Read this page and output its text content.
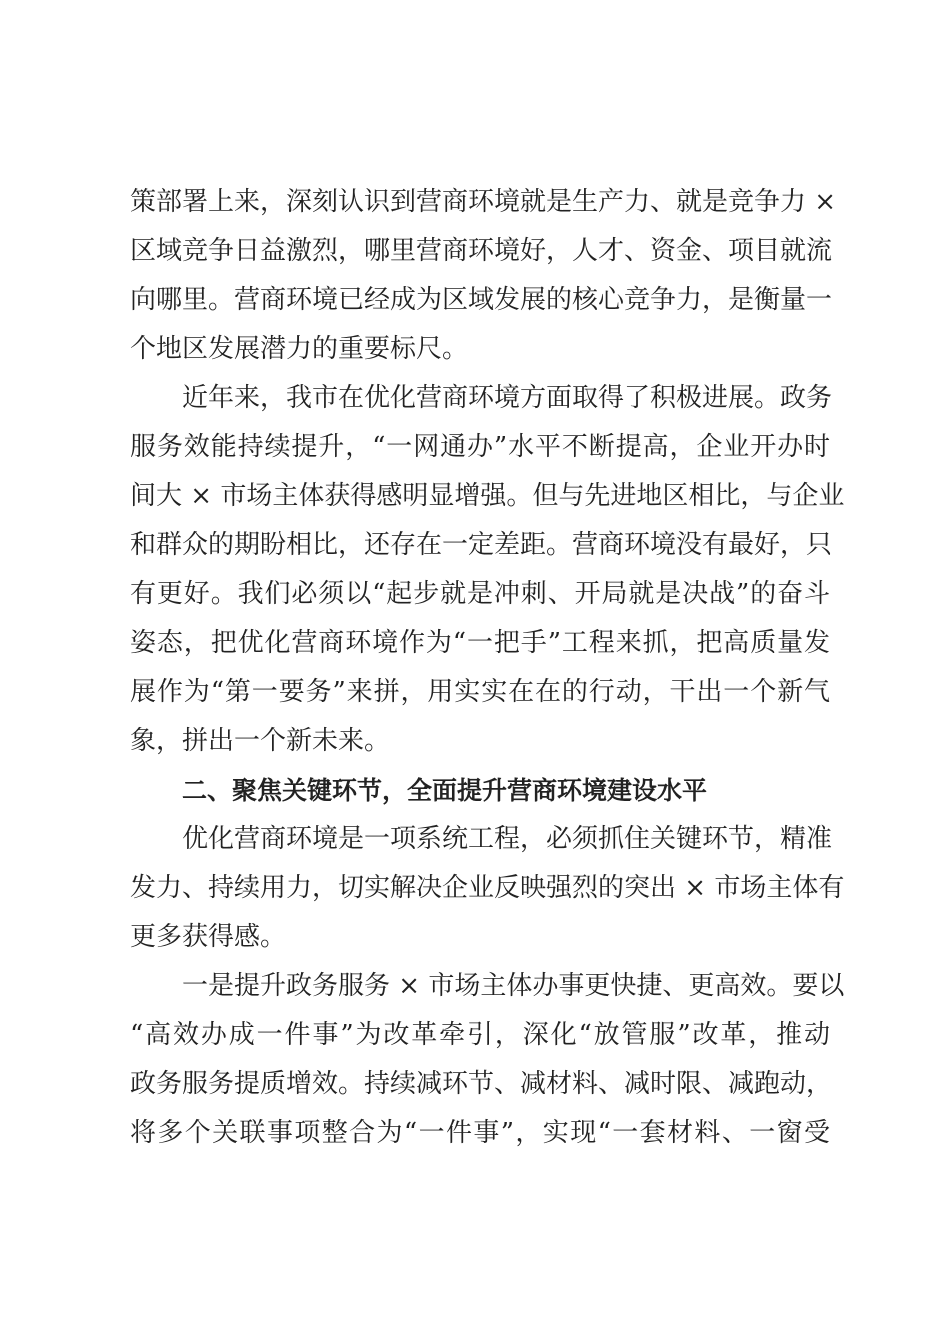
策部署上来，深刻认识到营商环境就是生产力、就是竞争力 ×
区域竞争日益激烈，哪里营商环境好，人才、资金、项目就流
向哪里。营商环境已经成为区域发展的核心竞争力，是衡量一
个地区发展潜力的重要标尺。
近年来，我市在优化营商环境方面取得了积极进展。政务
服务效能持续提升，“一网通办”水平不断提高，企业开办时
间大 × 市场主体获得感明显增强。但与先进地区相比，与企业
和群众的期盼相比，还存在一定差距。营商环境没有最好，只
有更好。我们必须以“起步就是冲刺、开局就是决战”的奋斗
姿态，把优化营商环境作为“一把手”工程来抓，把高质量发
展作为“第一要务”来拼，用实实在在的行动，干出一个新气
象，拼出一个新未来。
二、聚焦关键环节，全面提升营商环境建设水平
优化营商环境是一项系统工程，必须抓住关键环节，精准
发力、持续用力，切实解决企业反映强烈的突出 × 市场主体有
更多获得感。
一是提升政务服务 × 市场主体办事更快捷、更高效。要以
“高效办成一件事”为改革牵引，深化“放管服”改革，推动
政务服务提质增效。持续减环节、减材料、减时限、减跑动，
将多个关联事项整合为“一件事”，实现“一套材料、一窗受
